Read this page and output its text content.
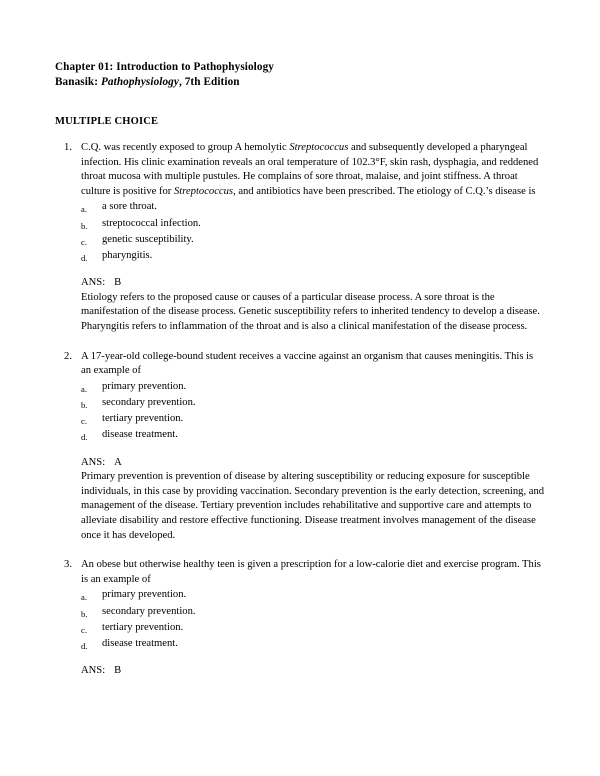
Chapter 01: Introduction to Pathophysiology
Banasik: Pathophysiology, 7th Edition
MULTIPLE CHOICE
1. C.Q. was recently exposed to group A hemolytic Streptococcus and subsequently developed a pharyngeal infection. His clinic examination reveals an oral temperature of 102.3°F, skin rash, dysphagia, and reddened throat mucosa with multiple pustules. He complains of sore throat, malaise, and joint stiffness. A throat culture is positive for Streptococcus, and antibiotics have been prescribed. The etiology of C.Q.’s disease is
a.	a sore throat.
b.	streptococcal infection.
c.	genetic susceptibility.
d.	pharyngitis.
ANS: B
Etiology refers to the proposed cause or causes of a particular disease process. A sore throat is the manifestation of the disease process. Genetic susceptibility refers to inherited tendency to develop a disease. Pharyngitis refers to inflammation of the throat and is also a clinical manifestation of the disease process.
2. A 17-year-old college-bound student receives a vaccine against an organism that causes meningitis. This is an example of
a.	primary prevention.
b.	secondary prevention.
c.	tertiary prevention.
d.	disease treatment.
ANS: A
Primary prevention is prevention of disease by altering susceptibility or reducing exposure for susceptible individuals, in this case by providing vaccination. Secondary prevention is the early detection, screening, and management of the disease. Tertiary prevention includes rehabilitative and supportive care and attempts to alleviate disability and restore effective functioning. Disease treatment involves management of the disease once it has developed.
3. An obese but otherwise healthy teen is given a prescription for a low-calorie diet and exercise program. This is an example of
a.	primary prevention.
b.	secondary prevention.
c.	tertiary prevention.
d.	disease treatment.
ANS: B
